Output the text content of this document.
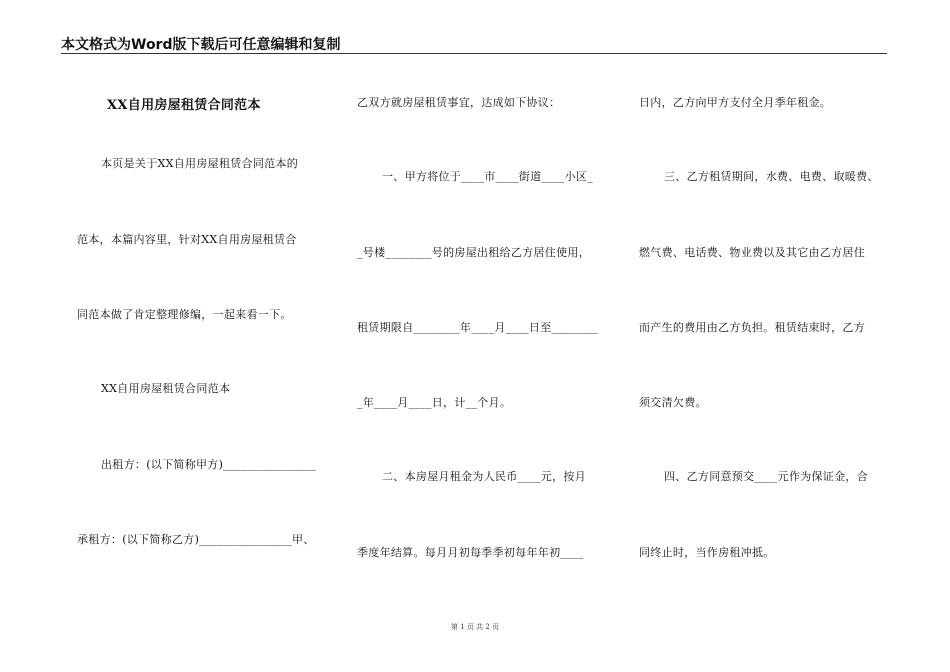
本文格式为Word版下载后可任意编辑和复制
XX自用房屋租赁合同范本
本页是关于XX自用房屋租赁合同范本的
范本，本篇内容里，针对XX自用房屋租赁合
同范本做了肯定整理修编，一起来看一下。
XX自用房屋租赁合同范本
出租方：(以下简称甲方)________________
承租方：(以下简称乙方)________________甲、
乙双方就房屋租赁事宜，达成如下协议：
一、甲方将位于____市____街道____小区_
_号楼________号的房屋出租给乙方居住使用，
租赁期限自________年____月____日至________
_年____月____日，计__个月。
二、本房屋月租金为人民币____元，按月
季度年结算。每月月初每季季初每年年初____
日内，乙方向甲方支付全月季年租金。
三、乙方租赁期间，水费、电费、取暖费、
燃气费、电话费、物业费以及其它由乙方居住
而产生的费用由乙方负担。租赁结束时，乙方
须交清欠费。
四、乙方同意预交____元作为保证金，合
同终止时，当作房租冲抵。
第 1 页 共 2 页
